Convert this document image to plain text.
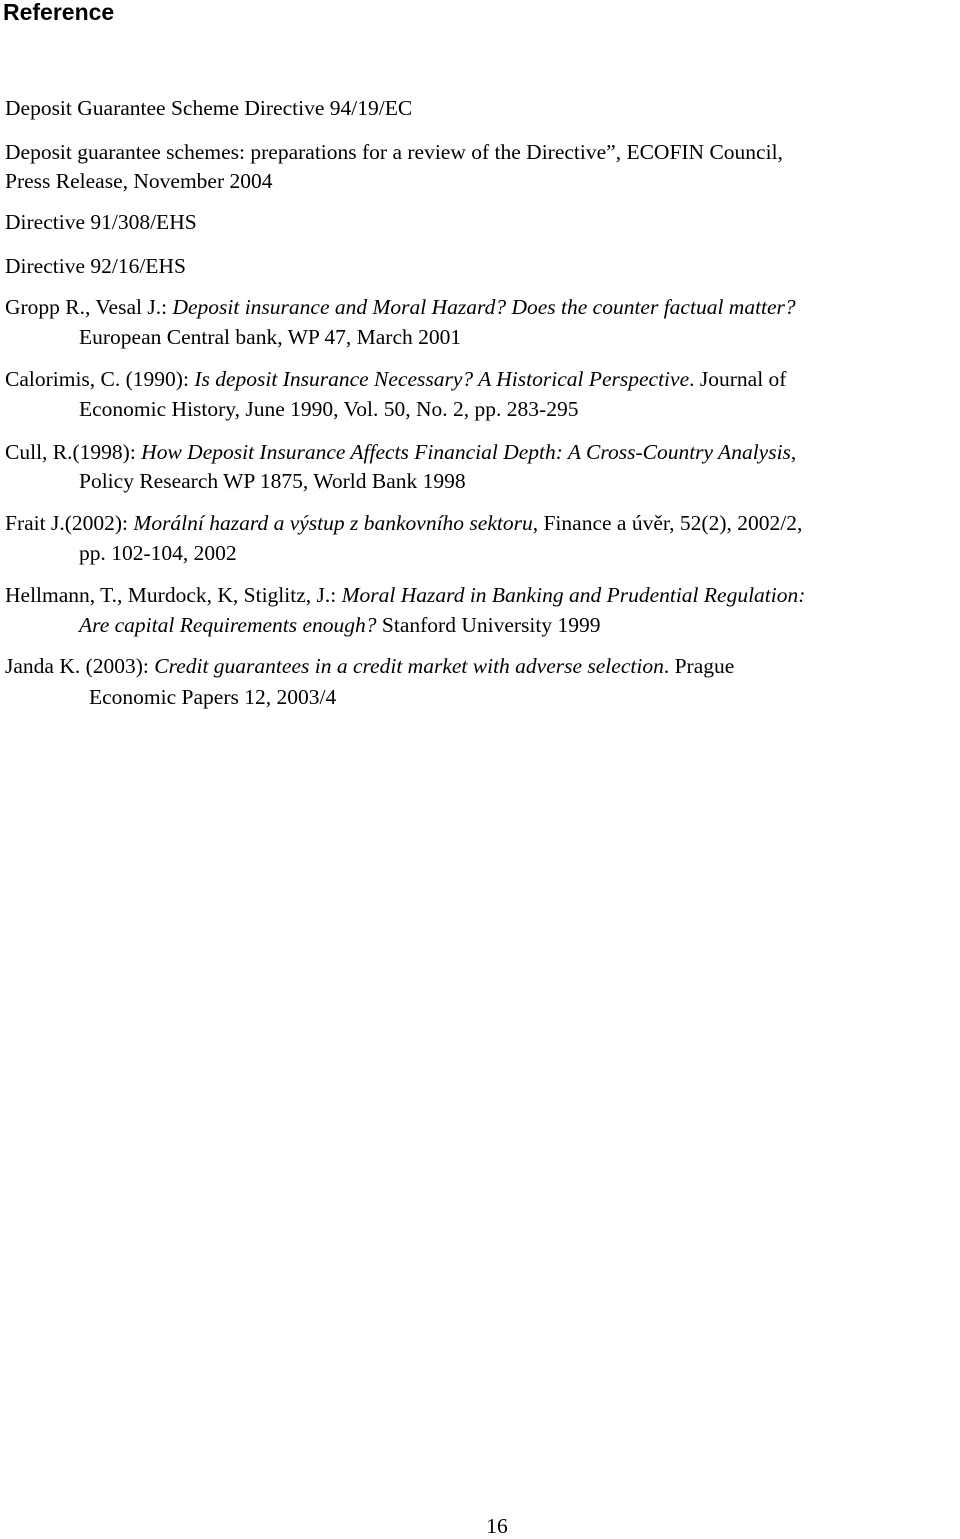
Reference
Deposit Guarantee Scheme Directive 94/19/EC
Deposit guarantee schemes: preparations for a review of the Directive”, ECOFIN Council,
Press Release, November 2004
Directive 91/308/EHS
Directive 92/16/EHS
Gropp R., Vesal J.: Deposit insurance and Moral Hazard? Does the counter factual matter?
European Central bank, WP 47, March 2001
Calorimis, C. (1990): Is deposit Insurance Necessary? A Historical Perspective. Journal of
Economic History, June 1990, Vol. 50, No. 2, pp. 283-295
Cull, R.(1998): How Deposit Insurance Affects Financial Depth: A Cross-Country Analysis,
Policy Research WP 1875, World Bank 1998
Frait J.(2002): Morální hazard a výstup z bankovního sektoru, Finance a úvěr, 52(2), 2002/2,
pp. 102-104, 2002
Hellmann, T., Murdock, K, Stiglitz, J.: Moral Hazard in Banking and Prudential Regulation:
Are capital Requirements enough? Stanford University 1999
Janda K. (2003): Credit guarantees in a credit market with adverse selection. Prague
Economic Papers 12, 2003/4
16
